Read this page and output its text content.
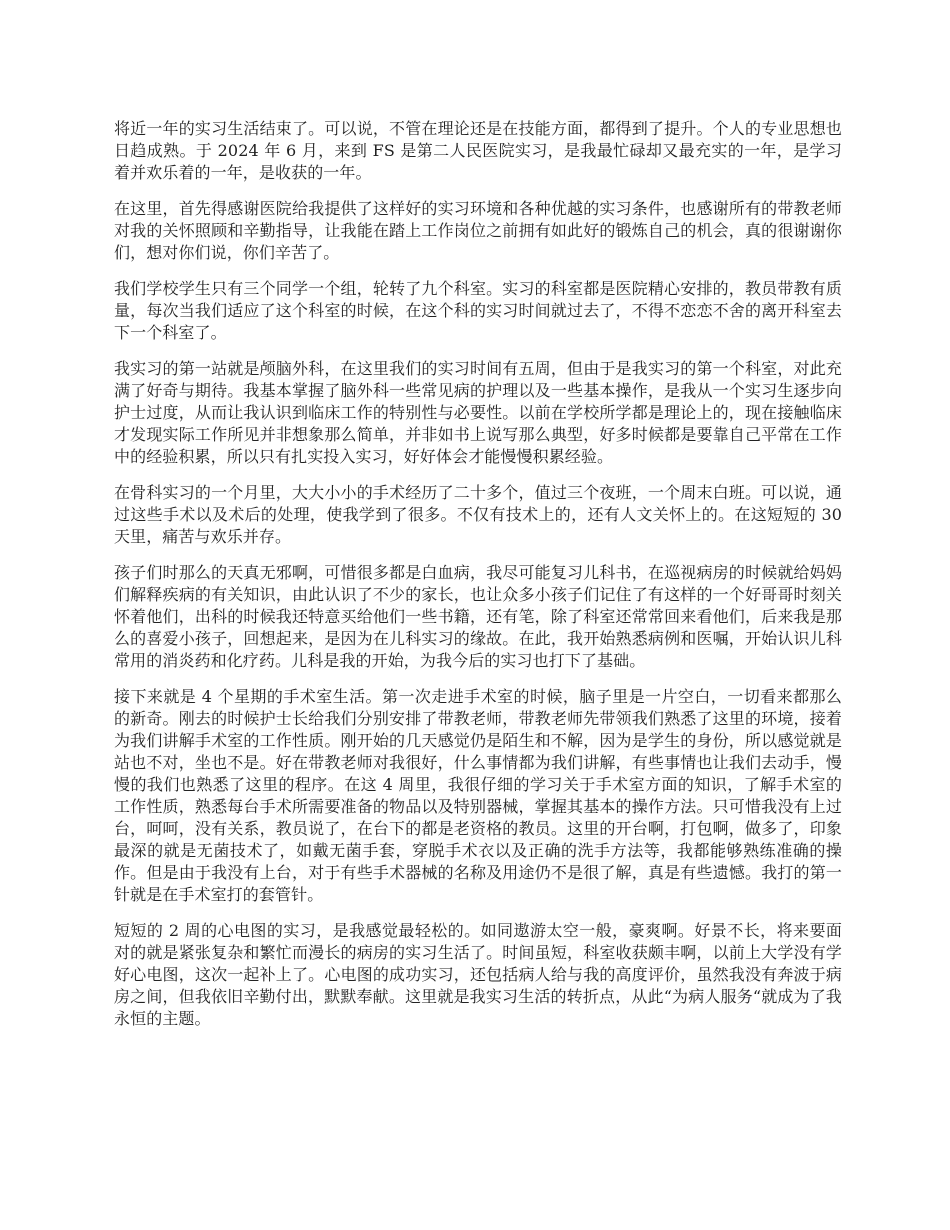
将近一年的实习生活结束了。可以说，不管在理论还是在技能方面，都得到了提升。个人的专业思想也日趋成熟。于 2024 年 6 月，来到 FS 是第二人民医院实习，是我最忙碌却又最充实的一年，是学习着并欢乐着的一年，是收获的一年。

在这里，首先得感谢医院给我提供了这样好的实习环境和各种优越的实习条件，也感谢所有的带教老师对我的关怀照顾和辛勤指导，让我能在踏上工作岗位之前拥有如此好的锻炼自己的机会，真的很谢谢你们，想对你们说，你们辛苦了。

我们学校学生只有三个同学一个组，轮转了九个科室。实习的科室都是医院精心安排的，教员带教有质量，每次当我们适应了这个科室的时候，在这个科的实习时间就过去了，不得不恋恋不舍的离开科室去下一个科室了。

我实习的第一站就是颅脑外科，在这里我们的实习时间有五周，但由于是我实习的第一个科室，对此充满了好奇与期待。我基本掌握了脑外科一些常见病的护理以及一些基本操作，是我从一个实习生逐步向护士过度，从而让我认识到临床工作的特别性与必要性。以前在学校所学都是理论上的，现在接触临床才发现实际工作所见并非想象那么简单，并非如书上说写那么典型，好多时候都是要靠自己平常在工作中的经验积累，所以只有扎实投入实习，好好体会才能慢慢积累经验。

在骨科实习的一个月里，大大小小的手术经历了二十多个，值过三个夜班，一个周末白班。可以说，通过这些手术以及术后的处理，使我学到了很多。不仅有技术上的，还有人文关怀上的。在这短短的 30 天里，痛苦与欢乐并存。

孩子们时那么的天真无邪啊，可惜很多都是白血病，我尽可能复习儿科书，在巡视病房的时候就给妈妈们解释疾病的有关知识，由此认识了不少的家长，也让众多小孩子们记住了有这样的一个好哥哥时刻关怀着他们，出科的时候我还特意买给他们一些书籍，还有笔，除了科室还常常回来看他们，后来我是那么的喜爱小孩子，回想起来，是因为在儿科实习的缘故。在此，我开始熟悉病例和医嘱，开始认识儿科常用的消炎药和化疗药。儿科是我的开始，为我今后的实习也打下了基础。

接下来就是 4 个星期的手术室生活。第一次走进手术室的时候，脑子里是一片空白，一切看来都那么的新奇。刚去的时候护士长给我们分别安排了带教老师，带教老师先带领我们熟悉了这里的环境，接着为我们讲解手术室的工作性质。刚开始的几天感觉仍是陌生和不解，因为是学生的身份，所以感觉就是站也不对，坐也不是。好在带教老师对我很好，什么事情都为我们讲解，有些事情也让我们去动手，慢慢的我们也熟悉了这里的程序。在这 4 周里，我很仔细的学习关于手术室方面的知识，了解手术室的工作性质，熟悉每台手术所需要准备的物品以及特别器械，掌握其基本的操作方法。只可惜我没有上过台，呵呵，没有关系，教员说了，在台下的都是老资格的教员。这里的开台啊，打包啊，做多了，印象最深的就是无菌技术了，如戴无菌手套，穿脱手术衣以及正确的洗手方法等，我都能够熟练准确的操作。但是由于我没有上台，对于有些手术器械的名称及用途仍不是很了解，真是有些遗憾。我打的第一针就是在手术室打的套管针。

短短的 2 周的心电图的实习，是我感觉最轻松的。如同遨游太空一般，豪爽啊。好景不长，将来要面对的就是紧张复杂和繁忙而漫长的病房的实习生活了。时间虽短，科室收获颇丰啊，以前上大学没有学好心电图，这次一起补上了。心电图的成功实习，还包括病人给与我的高度评价，虽然我没有奔波于病房之间，但我依旧辛勤付出，默默奉献。这里就是我实习生活的转折点，从此“为病人服务“就成为了我永恒的主题。
